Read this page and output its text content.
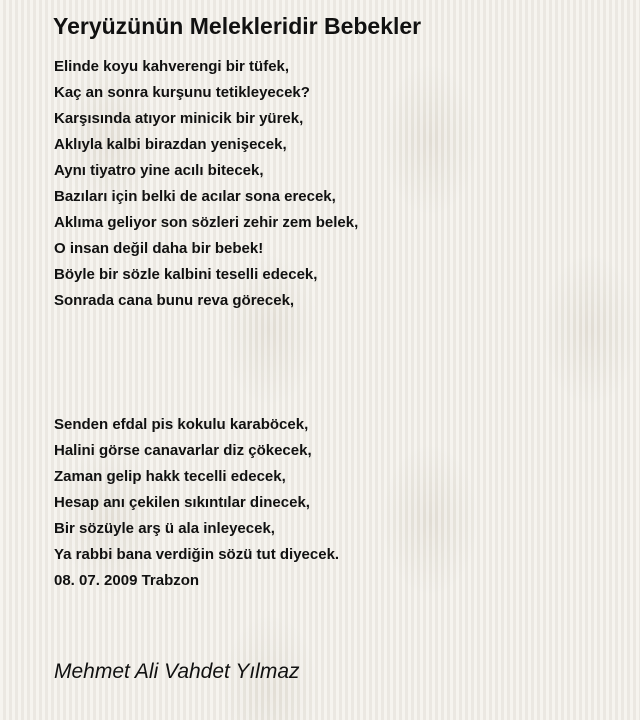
Yeryüzünün Melekleridir Bebekler
Elinde koyu kahverengi bir tüfek,
Kaç an sonra kurşunu tetikleyecek?
Karşısında atıyor minicik bir yürek,
Aklıyla kalbi birazdan yenişecek,
Aynı tiyatro yine acılı bitecek,
Bazıları için belki de acılar sona erecek,
Aklıma geliyor son sözleri zehir zem belek,
O insan değil daha bir bebek!
Böyle bir sözle kalbini teselli edecek,
Sonrada cana bunu reva görecek,
Senden efdal pis kokulu karaböcek,
Halini görse canavarlar diz çökecek,
Zaman gelip hakk tecelli edecek,
Hesap anı çekilen sıkıntılar dinecek,
Bir sözüyle arş ü ala inleyecek,
Ya rabbi bana verdiğin sözü tut diyecek.
08. 07. 2009 Trabzon

Mehmet Ali Vahdet Yılmaz
